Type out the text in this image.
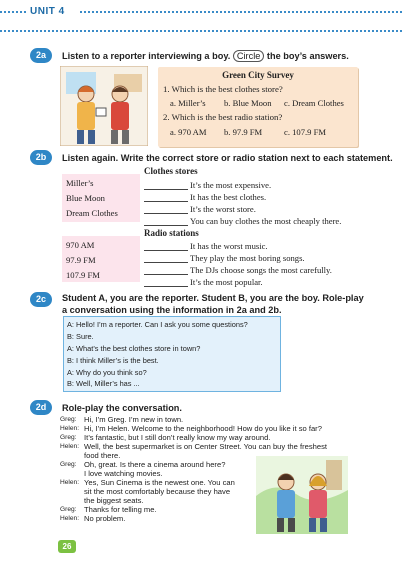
UNIT 4
2a	Listen to a reporter interviewing a boy. Circle the boy’s answers.
Green City Survey
1. Which is the best clothes store?
a. Miller’s b. Blue Moon c. Dream Clothes
2. Which is the best radio station?
a. 970 AM b. 97.9 FM	c. 107.9 FM
2b	Listen again. Write the correct store or radio station next to each statement.
Clothes stores
Miller’s
Blue Moon
Dream Clothes
It’s the most expensive.
It has the best clothes.
It’s the worst store.
You can buy clothes the most cheaply there.
Radio stations
970 AM
97.9 FM
107.9 FM
It has the worst music.
They play the most boring songs.
The DJs choose songs the most carefully.
It’s the most popular.
2c	Student A, you are the reporter. Student B, you are the boy. Role-play
a conversation using the information in 2a and 2b.
A: Hello! I’m a reporter. Can I ask you some questions?
B: Sure.
A: What’s the best clothes store in town?
B: I think Miller’s is the best.
A: Why do you think so?
B: Well, Miller’s has ...
2d	Role-play the conversation.
Greg: Hi, I’m Greg. I’m new in town.
Helen: Hi, I’m Helen. Welcome to the neighborhood! How do you like it so far?
Greg: It’s fantastic, but I still don’t really know my way around.
Helen: Well, the best supermarket is on Center Street. You can buy the freshest
food there.
Greg: Oh, great. Is there a cinema around here?
I love watching movies.
Helen: Yes, Sun Cinema is the newest one. You can
sit the most comfortably because they have
the biggest seats.
Greg: Thanks for telling me.
Helen: No problem.
26
